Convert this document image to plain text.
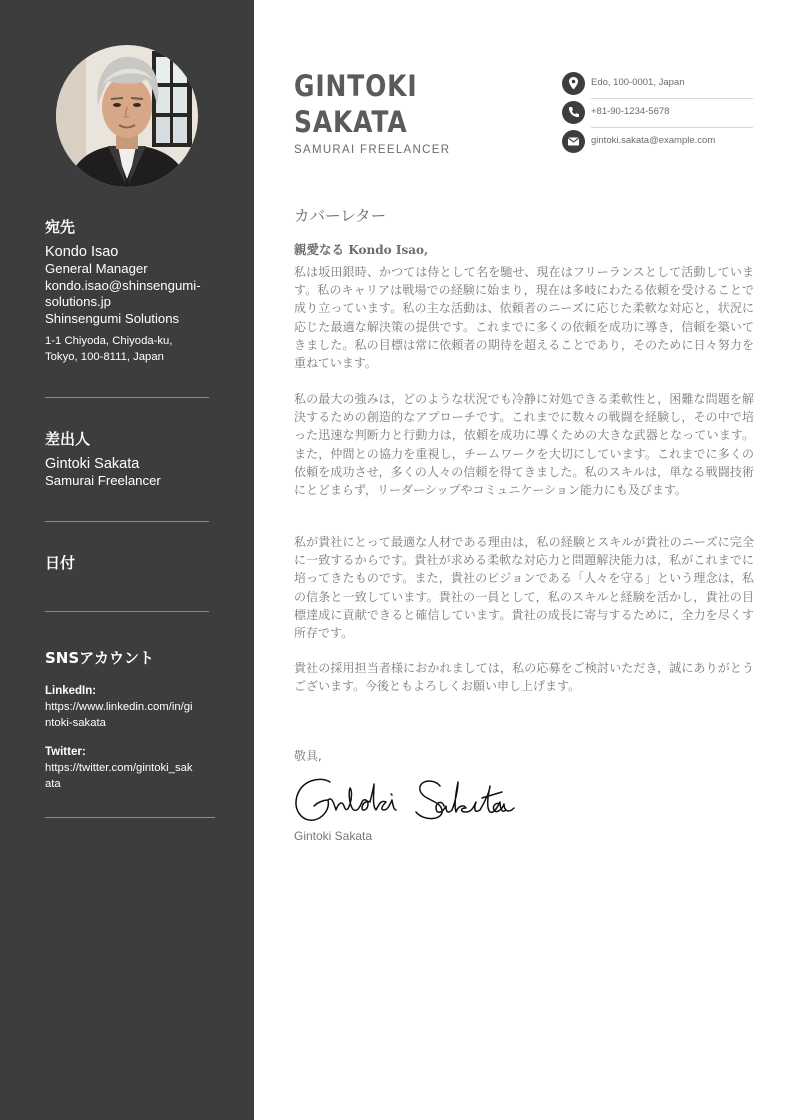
宛先
Kondo Isao
General Manager
kondo.isao@shinsengumi-
solutions.jp
Shinsengumi Solutions
1-1 Chiyoda, Chiyoda-ku,
Tokyo, 100-8111, Japan
差出人
Gintoki Sakata
Samurai Freelancer
日付
SNSアカウント
LinkedIn:
https://www.linkedin.com/in/gi
ntoki-sakata
Twitter:
https://twitter.com/gintoki_sak
ata
GINTOKI
SAKATA
SAMURAI FREELANCER
Edo, 100-0001, Japan
+81-90-1234-5678
gintoki.sakata@example.com
カバーレター
親愛なる Kondo Isao,
私は坂田銀時、かつては侍として名を馳せ、現在はフリーランスとして活動しています。私のキャリアは戦場での経験に始まり，現在は多岐にわたる依頼を受けることで成り立っています。私の主な活動は、依頼者のニーズに応じた柔軟な対応と，状況に応じた最適な解決策の提供です。これまでに多くの依頼を成功に導き，信頼を築いてきました。私の目標は常に依頼者の期待を超えることであり，そのために日々努力を重ねています。
私の最大の強みは，どのような状況でも冷静に対処できる柔軟性と，困難な問題を解決するための創造的なアプローチです。これまでに数々の戦闘を経験し，その中で培った迅速な判断力と行動力は，依頼を成功に導くための大きな武器となっています。また，仲間との協力を重視し，チームワークを大切にしています。これまでに多くの依頼を成功させ，多くの人々の信頼を得てきました。私のスキルは，単なる戦闘技術にとどまらず，リーダーシップやコミュニケーション能力にも及びます。
私が貴社にとって最適な人材である理由は，私の経験とスキルが貴社のニーズに完全に一致するからです。貴社が求める柔軟な対応力と問題解決能力は，私がこれまでに培ってきたものです。また，貴社のビジョンである「人々を守る」という理念は，私の信条と一致しています。貴社の一員として，私のスキルと経験を活かし，貴社の目標達成に貢献できると確信しています。貴社の成長に寄与するために，全力を尽くす所存です。
貴社の採用担当者様におかれましては，私の応募をご検討いただき，誠にありがとうございます。今後ともよろしくお願い申し上げます。
敬具,
Gintoki Sakata
